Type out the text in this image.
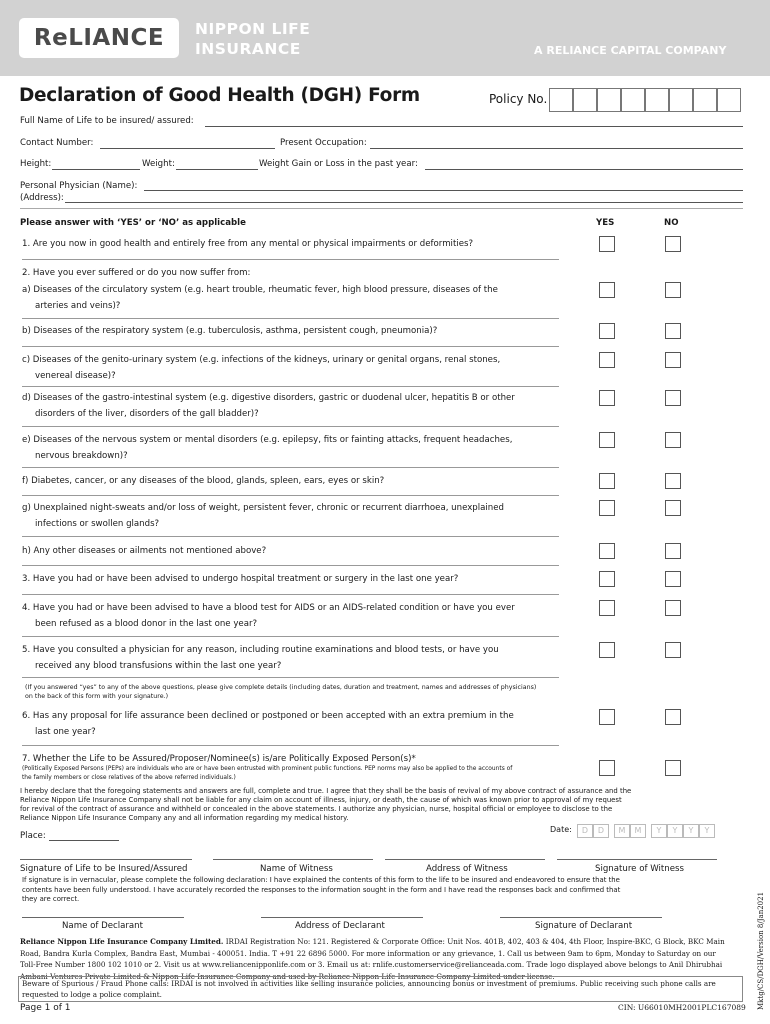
ReLIANCE NIPPON LIFE
INSURANCE	A RELIANCE CAPITAL COMPANY
Declaration of Good Health (DGH) Form	Policy No.
Full Name of Life to be insured/ assured:
Contact Number:	Present Occupation:
Height:	Weight:	Weight Gain or Loss in the past year:
Personal Physician (Name):
(Address):
Please answer with ‘YES’ or ‘NO’ as applicable	YES	NO
1. Are you now in good health and entirely free from any mental or physical impairments or deformities?
2. Have you ever suffered or do you now suffer from:
a) Diseases of the circulatory system (e.g. heart trouble, rheumatic fever, high blood pressure, diseases of the
arteries and veins)?
b) Diseases of the respiratory system (e.g. tuberculosis, asthma, persistent cough, pneumonia)?
c) Diseases of the genito-urinary system (e.g. infections of the kidneys, urinary or genital organs, renal stones,
venereal disease)?
d) Diseases of the gastro-intestinal system (e.g. digestive disorders, gastric or duodenal ulcer, hepatitis B or other
disorders of the liver, disorders of the gall bladder)?
e) Diseases of the nervous system or mental disorders (e.g. epilepsy, fits or fainting attacks, frequent headaches,
nervous breakdown)?
f) Diabetes, cancer, or any diseases of the blood, glands, spleen, ears, eyes or skin?
g) Unexplained night-sweats and/or loss of weight, persistent fever, chronic or recurrent diarrhoea, unexplained
infections or swollen glands?
h) Any other diseases or ailments not mentioned above?
3. Have you had or have been advised to undergo hospital treatment or surgery in the last one year?
4. Have you had or have been advised to have a blood test for AIDS or an AIDS-related condition or have you ever
been refused as a blood donor in the last one year?
5. Have you consulted a physician for any reason, including routine examinations and blood tests, or have you
received any blood transfusions within the last one year?
(If you answered “yes” to any of the above questions, please give complete details (including dates, duration and treatment, names and addresses of physicians)
on the back of this form with your signature.)
6. Has any proposal for life assurance been declined or postponed or been accepted with an extra premium in the
last one year?
7. Whether the Life to be Assured/Proposer/Nominee(s) is/are Politically Exposed Person(s)*
(Politically Exposed Persons (PEPs) are individuals who are or have been entrusted with prominent public functions. PEP norms may also be applied to the accounts of
the family members or close relatives of the above referred individuals.)
I hereby declare that the foregoing statements and answers are full, complete and true. I agree that they shall be the basis of revival of my above contract of assurance and the
Reliance Nippon Life Insurance Company shall not be liable for any claim on account of illness, injury, or death, the cause of which was known prior to approval of my request
for revival of the contract of assurance and withheld or concealed in the above statements. I authorize any physician, nurse, hospital official or employee to disclose to the
Reliance Nippon Life Insurance Company any and all information regarding my medical history.
Date:	D	D	M	M	Y	Y	Y	Y
Place:
Signature of Life to be Insured/Assured	Name of Witness	Address of Witness	Signature of Witness
If signature is in vernacular, please complete the following declaration: I have explained the contents of this form to the life to be insured and endeavored to ensure that the
contents have been fully understood. I have accurately recorded the responses to the information sought in the form and I have read the responses back and confirmed that
they are correct.
Name of Declarant	Address of Declarant	Signature of Declarant
Reliance Nippon Life Insurance Company Limited. IRDAI Registration No: 121. Registered & Corporate Office: Unit Nos. 401B, 402, 403 & 404, 4th Floor, Inspire-BKC, G Block, BKC Main
Road, Bandra Kurla Complex, Bandra East, Mumbai - 400051. India. T +91 22 6896 5000. For more information or any grievance, 1. Call us between 9am to 6pm, Monday to Saturday on our
Toll-Free Number 1800 102 1010 or 2. Visit us at www.reliancenipponlife.com or 3. Email us at: rnlife.customerservice@relianceada.com. Trade logo displayed above belongs to Anil Dhirubhai
Ambani Ventures Private Limited & Nippon Life Insurance Company and used by Reliance Nippon Life Insurance Company Limited under license.
Beware of Spurious / Fraud Phone calls: IRDAI is not involved in activities like selling insurance policies, announcing bonus or investment of premiums. Public receiving such phone calls are
requested to lodge a police complaint.
Page 1 of 1	CIN: U66010MH2001PLC167089 Mktg/CS/DGH/Version 8/Jan2021
